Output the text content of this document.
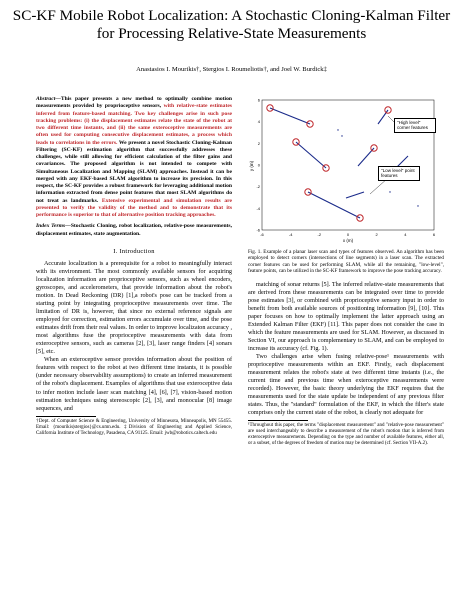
SC-KF Mobile Robot Localization: A Stochastic Cloning-Kalman Filter for Processing Relative-State Measurements
Anastasios I. Mourikis†, Stergios I. Roumeliotis†, and Joel W. Burdick‡

Abstract—This paper presents a new method to optimally combine motion measurements provided by proprioceptive sensors, with relative-state estimates inferred from feature-based matching. Two key challenges arise in such pose tracking problems: (i) the displacement estimates relate the state of the robot at two different time instants, and (ii) the same exteroceptive measurements are often used for computing consecutive displacement estimates, a process which leads to correlations in the errors. We present a novel Stochastic Cloning-Kalman Filtering (SC-KF) estimation algorithm that successfully addresses these challenges, while still allowing for efficient calculation of the filter gains and covariances. The proposed algorithm is not intended to compete with Simultaneous Localization and Mapping (SLAM) approaches. Instead it can be merged with any EKF-based SLAM algorithm to increase its precision. In this respect, the SC-KF provides a robust framework for leveraging additional motion information extracted from dense point features that most SLAM algorithms do not treat as landmarks. Extensive experimental and simulation results are presented to verify the validity of the method and to demonstrate that its performance is superior to that of alternative position tracking approaches.

Index Terms—Stochastic Cloning, robot localization, relative-pose measurements, displacement estimates, state augmentation.

I. Introduction

Accurate localization is a prerequisite for a robot to meaningfully interact with its environment. The most commonly available sensors for acquiring localization information are proprioceptive sensors, such as wheel encoders, gyroscopes, and accelerometers, that provide information about the robot's motion. In Dead Reckoning (DR) [1],a robot's pose can be tracked from a starting point by integrating proprioceptive measurements over time. The limitation of DR is, however, that since no external reference signals are employed for correction, estimation errors accumulate over time, and the pose estimates drift from their real values. In order to improve localizaton accuracy , most algorithms fuse the proprioceptive measurements with data from exteroceptive sensors, such as cameras [2], [3], laser range finders [4] sonars [5], etc.

When an exteroceptive sensor provides information about the position of features with respect to the robot at two different time instants, it is possible (under necessary observability assumptions) to create an inferred measurement of the robot's displacement. Examples of algorithms that use exteroceptive data to infer motion include laser scan matching [4], [6], [7], vision-based motion estimation techniques using stereoscopic [2], [3], and monocular [8] image sequences, and

†Dept. of Computer Science & Engineering, University of Minnesota, Minneapolis, MN 55455. Email: {mourikis|stergios}@cs.umn.edu. ‡Division of Engineering and Applied Science, California Institute of Technology, Pasadena, CA 91125. Email: jwb@robotics.caltech.edu

"High level" corner features
"Low level" point features
-6	-4	-2	0	2	4	6
6
4
2
0
-2
-4
-6
x (m)
y (m)

Fig. 1. Example of a planar laser scan and types of features observed. An algorithm has been employed to detect corners (intersections of line segments) in a laser scan. The extracted corner features can be used for performing SLAM, while all the remaining, "low-level", feature points, can be utilized in the SC-KF framework to improve the pose tracking accuracy.

matching of sonar returns [5]. The inferred relative-state measurements that are derived from these measurements can be integrated over time to provide pose estimates [3], or combined with proprioceptive sensory input in order to benefit from both available sources of positioning information [9], [10]. This paper focuses on how to optimally implement the latter approach using an Extended Kalman Filter (EKF) [11]. This paper does not consider the case in which the feature measurements are used for SLAM. However, as discussed in Section VI, our approach is complementary to SLAM, and can be employed to increase its accuracy (cf. Fig. 1).

Two challenges arise when fusing relative-pose¹ measurements with proprioceptive measurements within an EKF. Firstly, each displacement measurement relates the robot's state at two different time instants (i.e., the current time and previous time when exteroceptive measurements were recorded). However, the basic theory underlying the EKF requires that the measurements used for the state update be independent of any previous filter states. Thus, the "standard" formulation of the EKF, in which the filter's state comprises only the current state of the robot, is clearly not adequate for

¹Throughout this paper, the terms "displacement measurement" and "relative-pose measurement" are used interchangeably to describe a measurement of the robot's motion that is inferred from exteroceptive measurements. Depending on the type and number of available features, either all, or a subset, of the degrees of freedom of motion may be determined (cf. Section VII-A.2).
